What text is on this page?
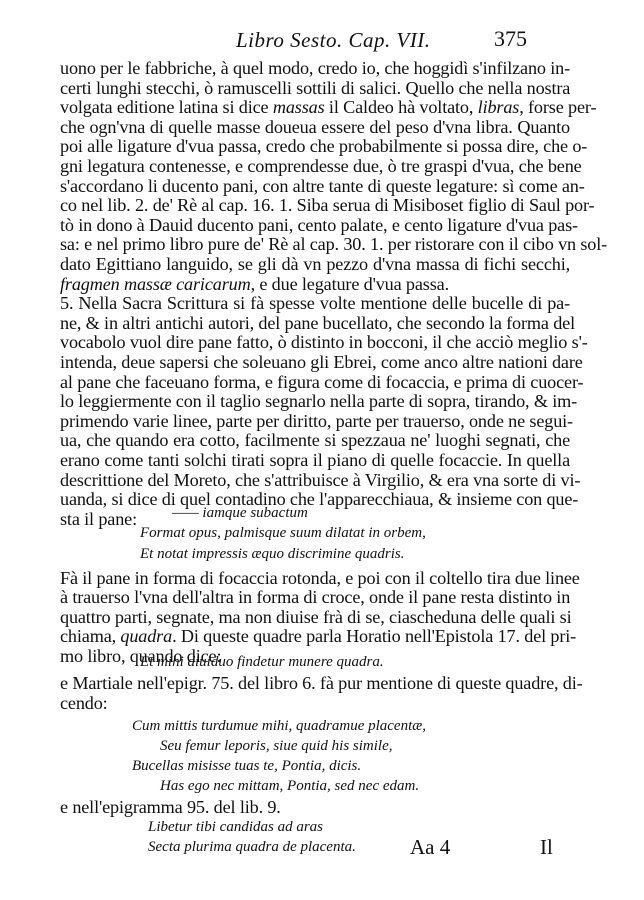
Libro Sesto. Cap. VII.	375
uono per le fabbriche, à quel modo, credo io, che hoggidì s'infilzano in-
certi lunghi stecchi, ò ramuscelli sottili di salici. Quello che nella nostra
volgata editione latina si dice massas il Caldeo hà voltato, libras, forse per-
che ogn'vna di quelle masse doueua essere del peso d'vna libra. Quanto
poi alle ligature d'vua passa, credo che probabilmente si possa dire, che o-
gni legatura contenesse, e comprendesse due, ò tre graspi d'vua, che bene
s'accordano li ducento pani, con altre tante di queste legature: sì come an-
co nel lib. 2. de' Rè al cap. 16. 1. Siba serua di Misiboset figlio di Saul por-
tò in dono à Dauid ducento pani, cento palate, e cento ligature d'vua pas-
sa: e nel primo libro pure de' Rè al cap. 30. 1. per ristorare con il cibo vn sol-
dato Egittiano languido, se gli dà vn pezzo d'vna massa di fichi secchi,
fragmen massæ caricarum, e due legature d'vua passa.
5. Nella Sacra Scrittura si fà spesse volte mentione delle bucelle di pa-
ne, & in altri antichi autori, del pane bucellato, che secondo la forma del
vocabolo vuol dire pane fatto, ò distinto in bocconi, il che acciò meglio s'-
intenda, deue sapersi che soleuano gli Ebrei, come anco altre nationi dare
al pane che faceuano forma, e figura come di focaccia, e prima di cuocer-
lo leggiermente con il taglio segnarlo nella parte di sopra, tirando, & im-
primendo varie linee, parte per diritto, parte per trauerso, onde ne segui-
ua, che quando era cotto, facilmente si spezzaua ne' luoghi segnati, che
erano come tanti solchi tirati sopra il piano di quelle focaccie. In quella
descrittione del Moreto, che s'attribuisce à Virgilio, & era vna sorte di vi-
uanda, si dice di quel contadino che l'apparecchiaua, & insieme con que-
sta il pane:	—— iamque subactum
Format opus, palmisque suum dilatat in orbem,
Et notat impressis æquo discrimine quadris.
Fà il pane in forma di focaccia rotonda, e poi con il coltello tira due linee
à trauerso l'vna dell'altra in forma di croce, onde il pane resta distinto in
quattro parti, segnate, ma non diuise frà di se, ciascheduna delle quali si
chiama, quadra. Di queste quadre parla Horatio nell'Epistola 17. del pri-
mo libro, quando dice:
Et mihi diuiduo findetur munere quadra.
e Martiale nell'epigr. 75. del libro 6. fà pur mentione di queste quadre, di-
cendo:
Cum mittis turdumue mihi, quadramue placentæ,
Seu femur leporis, siue quid his simile,
Bucellas misisse tuas te, Pontia, dicis.
Has ego nec mittam, Pontia, sed nec edam.
e nell'epigramma 95. del lib. 9.
Libetur tibi candidas ad aras
Secta plurima quadra de placenta.	Aa 4	Il
